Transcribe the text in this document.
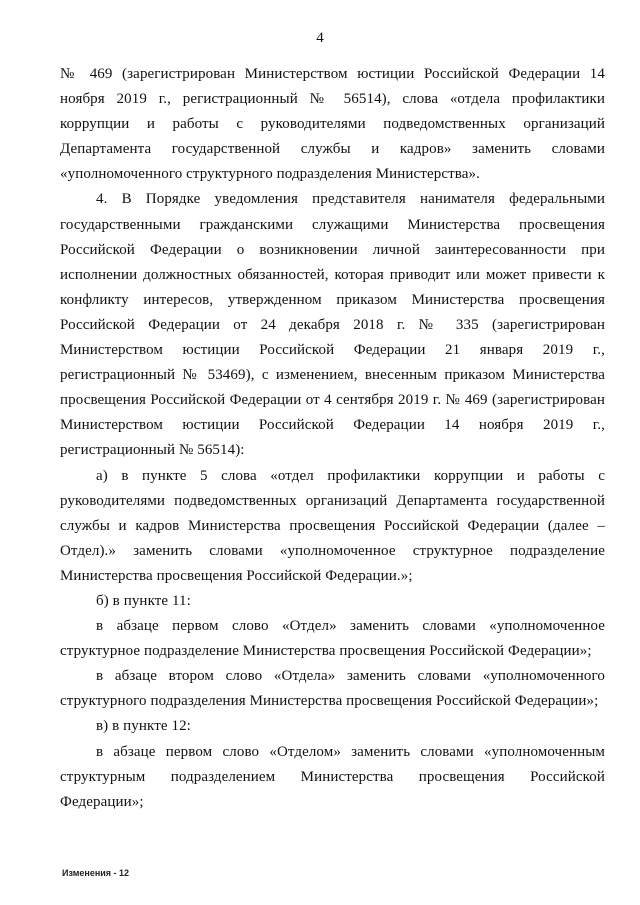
4

№ 469 (зарегистрирован Министерством юстиции Российской Федерации 14 ноября 2019 г., регистрационный № 56514), слова «отдела профилактики коррупции и работы с руководителями подведомственных организаций Департамента государственной службы и кадров» заменить словами «уполномоченного структурного подразделения Министерства».

4. В Порядке уведомления представителя нанимателя федеральными государственными гражданскими служащими Министерства просвещения Российской Федерации о возникновении личной заинтересованности при исполнении должностных обязанностей, которая приводит или может привести к конфликту интересов, утвержденном приказом Министерства просвещения Российской Федерации от 24 декабря 2018 г. № 335 (зарегистрирован Министерством юстиции Российской Федерации 21 января 2019 г., регистрационный № 53469), с изменением, внесенным приказом Министерства просвещения Российской Федерации от 4 сентября 2019 г. № 469 (зарегистрирован Министерством юстиции Российской Федерации 14 ноября 2019 г., регистрационный № 56514):

а) в пункте 5 слова «отдел профилактики коррупции и работы с руководителями подведомственных организаций Департамента государственной службы и кадров Министерства просвещения Российской Федерации (далее – Отдел).» заменить словами «уполномоченное структурное подразделение Министерства просвещения Российской Федерации.»;

б) в пункте 11:

в абзаце первом слово «Отдел» заменить словами «уполномоченное структурное подразделение Министерства просвещения Российской Федерации»;

в абзаце втором слово «Отдела» заменить словами «уполномоченного структурного подразделения Министерства просвещения Российской Федерации»;

в) в пункте 12:

в абзаце первом слово «Отделом» заменить словами «уполномоченным структурным подразделением Министерства просвещения Российской Федерации»;

Изменения - 12
